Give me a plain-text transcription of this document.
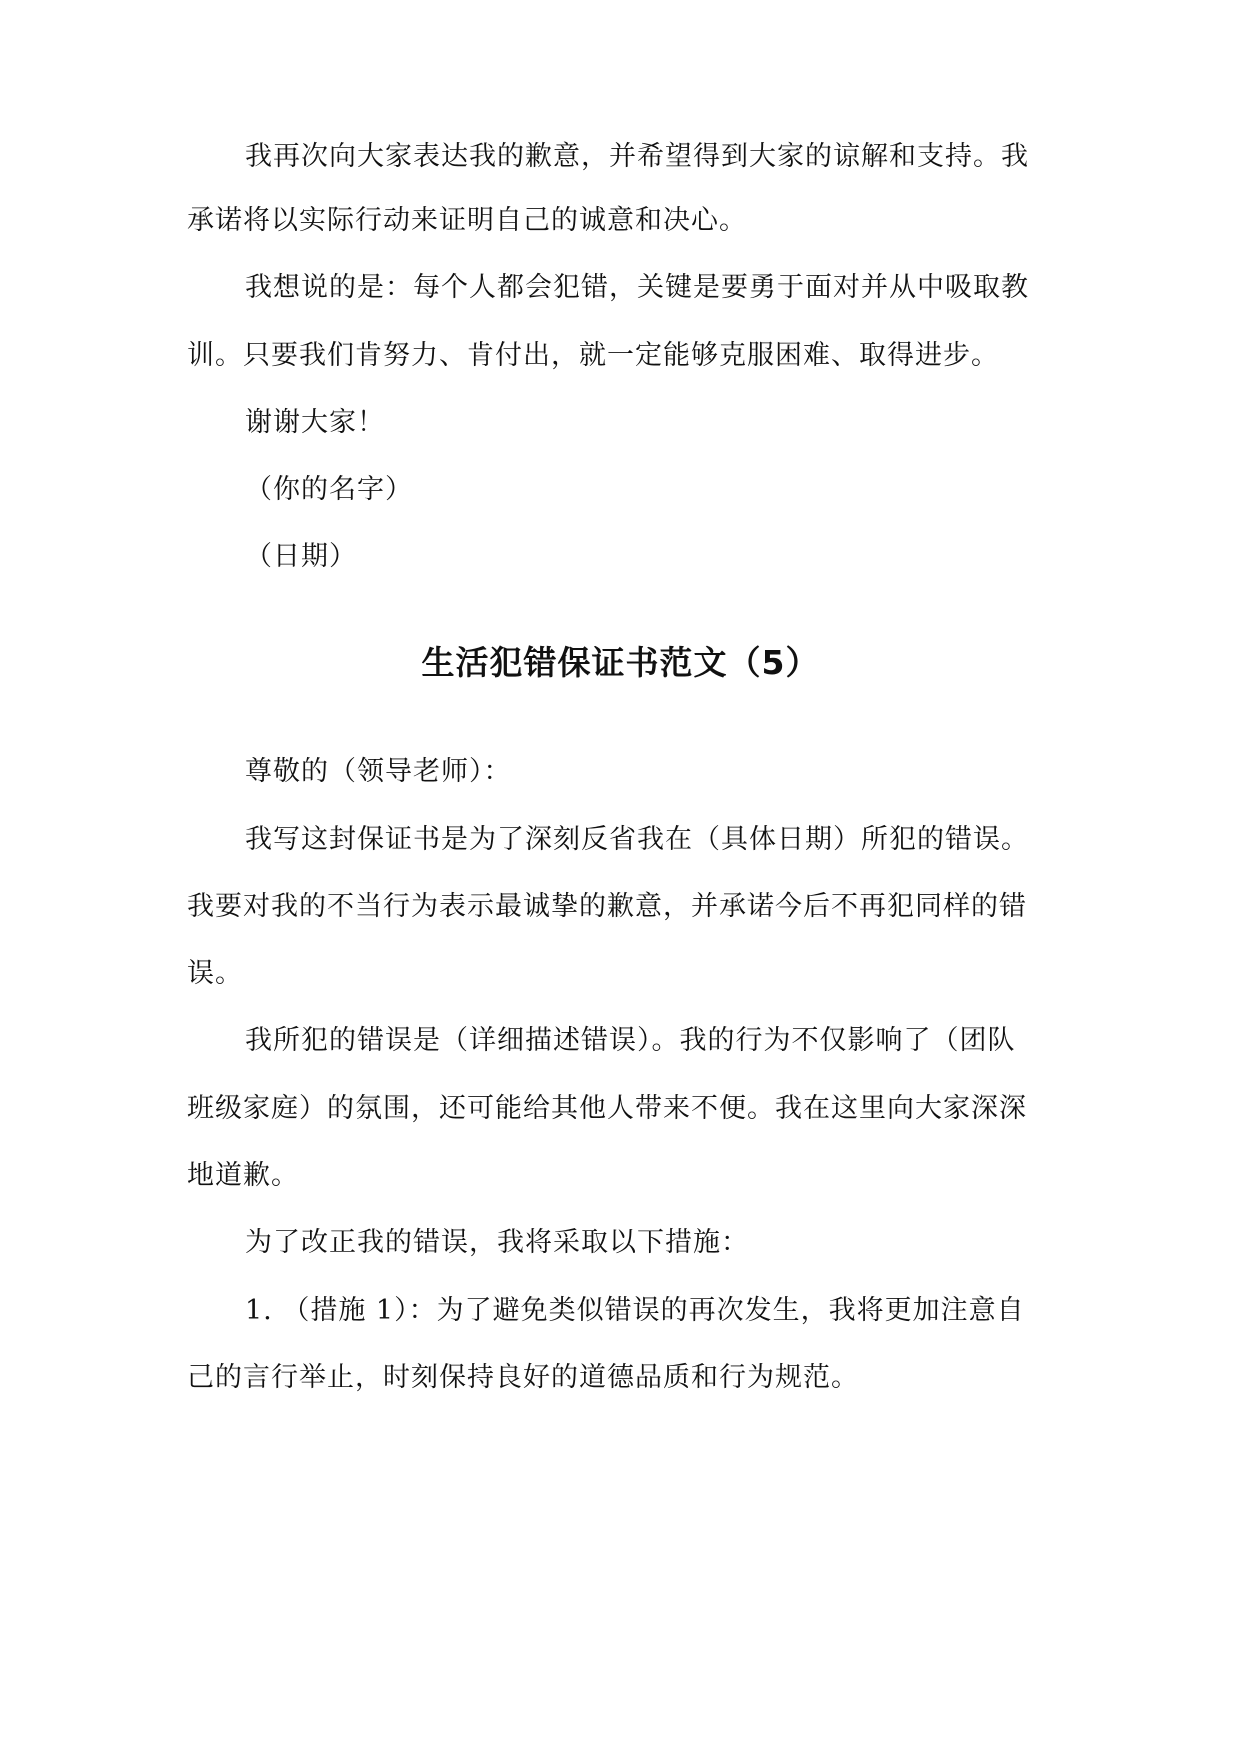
我再次向大家表达我的歉意，并希望得到大家的谅解和支持。我
承诺将以实际行动来证明自己的诚意和决心。
我想说的是：每个人都会犯错，关键是要勇于面对并从中吸取教
训。只要我们肯努力、肯付出，就一定能够克服困难、取得进步。
谢谢大家！
（你的名字）
（日期）
生活犯错保证书范文（5）
尊敬的（领导老师）：
我写这封保证书是为了深刻反省我在（具体日期）所犯的错误。
我要对我的不当行为表示最诚挚的歉意，并承诺今后不再犯同样的错
误。
我所犯的错误是（详细描述错误）。我的行为不仅影响了（团队
班级家庭）的氛围，还可能给其他人带来不便。我在这里向大家深深
地道歉。
为了改正我的错误，我将采取以下措施：
1. （措施 1）：为了避免类似错误的再次发生，我将更加注意自
己的言行举止，时刻保持良好的道德品质和行为规范。
